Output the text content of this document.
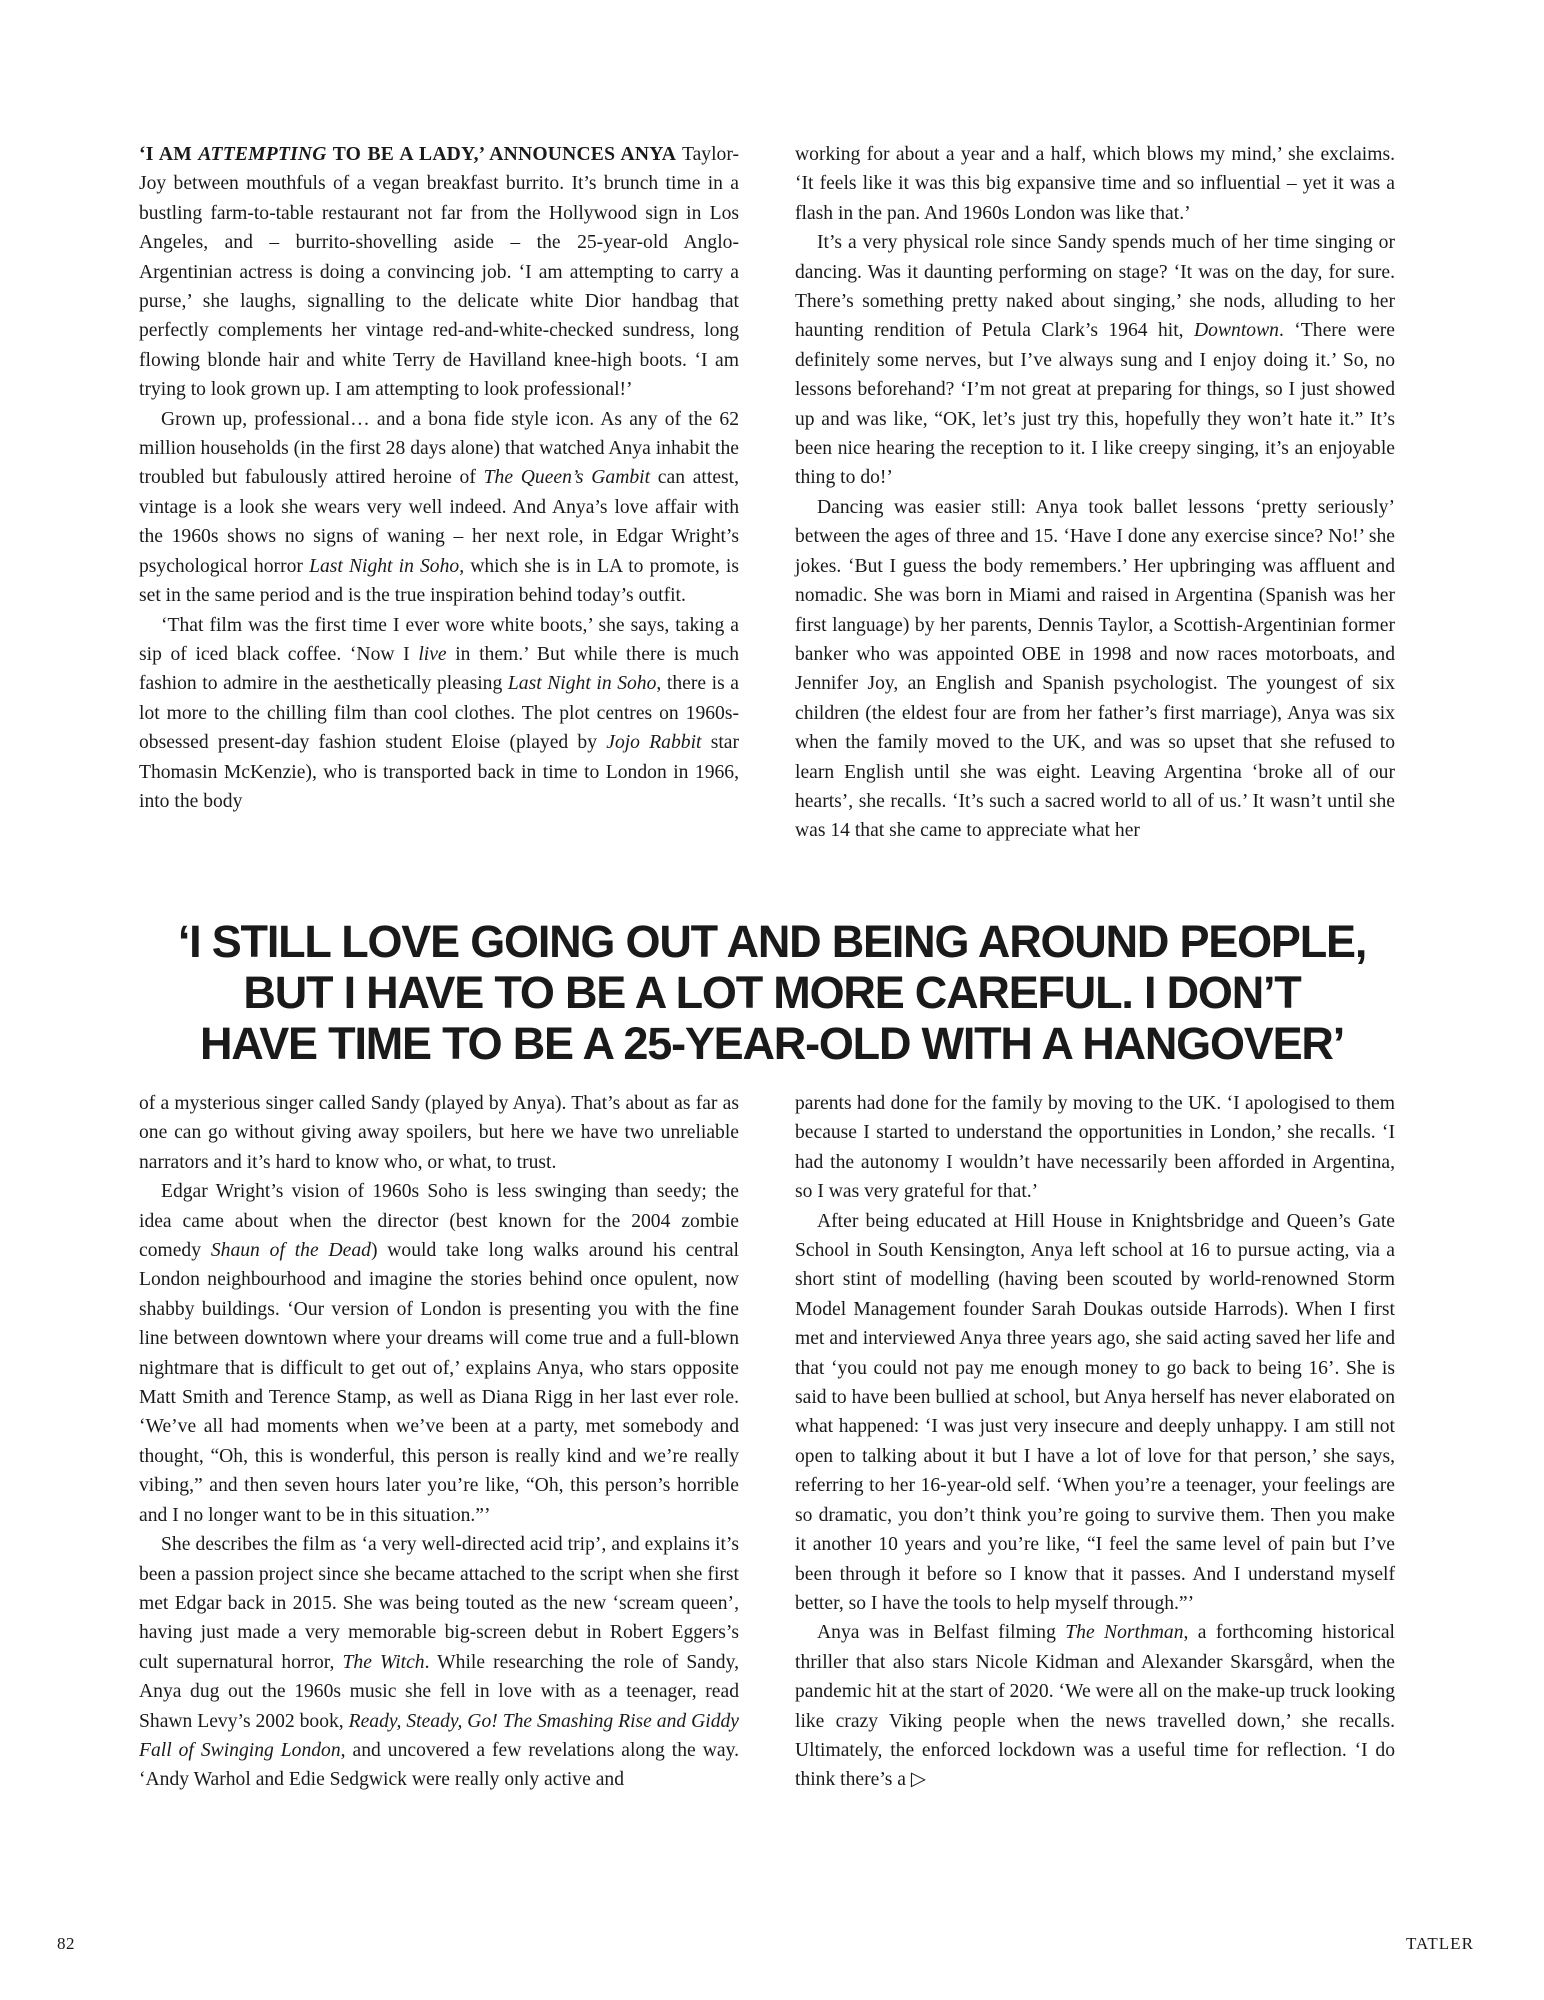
‘I AM ATTEMPTING TO BE A LADY,’ ANNOUNCES ANYA Taylor-Joy between mouthfuls of a vegan breakfast burrito. It’s brunch time in a bustling farm-to-table restaurant not far from the Hollywood sign in Los Angeles, and – burrito-shovelling aside – the 25-year-old Anglo-Argentinian actress is doing a convincing job. ‘I am attempting to carry a purse,’ she laughs, signalling to the delicate white Dior handbag that perfectly complements her vintage red-and-white-checked sundress, long flowing blonde hair and white Terry de Havilland knee-high boots. ‘I am trying to look grown up. I am attempting to look professional!’

Grown up, professional… and a bona fide style icon. As any of the 62 million households (in the first 28 days alone) that watched Anya inhabit the troubled but fabulously attired heroine of The Queen’s Gambit can attest, vintage is a look she wears very well indeed. And Anya’s love affair with the 1960s shows no signs of waning – her next role, in Edgar Wright’s psychological horror Last Night in Soho, which she is in LA to promote, is set in the same period and is the true inspiration behind today’s outfit.

‘That film was the first time I ever wore white boots,’ she says, taking a sip of iced black coffee. ‘Now I live in them.’ But while there is much fashion to admire in the aesthetically pleasing Last Night in Soho, there is a lot more to the chilling film than cool clothes. The plot centres on 1960s-obsessed present-day fashion student Eloise (played by Jojo Rabbit star Thomasin McKenzie), who is transported back in time to London in 1966, into the body

working for about a year and a half, which blows my mind,’ she exclaims. ‘It feels like it was this big expansive time and so influential – yet it was a flash in the pan. And 1960s London was like that.’

It’s a very physical role since Sandy spends much of her time singing or dancing. Was it daunting performing on stage? ‘It was on the day, for sure. There’s something pretty naked about singing,’ she nods, alluding to her haunting rendition of Petula Clark’s 1964 hit, Downtown. ‘There were definitely some nerves, but I’ve always sung and I enjoy doing it.’ So, no lessons beforehand? ‘I’m not great at preparing for things, so I just showed up and was like, “OK, let’s just try this, hopefully they won’t hate it.” It’s been nice hearing the reception to it. I like creepy singing, it’s an enjoyable thing to do!’

Dancing was easier still: Anya took ballet lessons ‘pretty seriously’ between the ages of three and 15. ‘Have I done any exercise since? No!’ she jokes. ‘But I guess the body remembers.’ Her upbringing was affluent and nomadic. She was born in Miami and raised in Argentina (Spanish was her first language) by her parents, Dennis Taylor, a Scottish-Argentinian former banker who was appointed OBE in 1998 and now races motorboats, and Jennifer Joy, an English and Spanish psychologist. The youngest of six children (the eldest four are from her father’s first marriage), Anya was six when the family moved to the UK, and was so upset that she refused to learn English until she was eight. Leaving Argentina ‘broke all of our hearts’, she recalls. ‘It’s such a sacred world to all of us.’ It wasn’t until she was 14 that she came to appreciate what her

‘I STILL LOVE GOING OUT AND BEING AROUND PEOPLE,
BUT I HAVE TO BE A LOT MORE CAREFUL. I DON’T
HAVE TIME TO BE A 25-YEAR-OLD WITH A HANGOVER’

of a mysterious singer called Sandy (played by Anya). That’s about as far as one can go without giving away spoilers, but here we have two unreliable narrators and it’s hard to know who, or what, to trust.

Edgar Wright’s vision of 1960s Soho is less swinging than seedy; the idea came about when the director (best known for the 2004 zombie comedy Shaun of the Dead) would take long walks around his central London neighbourhood and imagine the stories behind once opulent, now shabby buildings. ‘Our version of London is presenting you with the fine line between downtown where your dreams will come true and a full-blown nightmare that is difficult to get out of,’ explains Anya, who stars opposite Matt Smith and Terence Stamp, as well as Diana Rigg in her last ever role. ‘We’ve all had moments when we’ve been at a party, met somebody and thought, “Oh, this is wonderful, this person is really kind and we’re really vibing,” and then seven hours later you’re like, “Oh, this person’s horrible and I no longer want to be in this situation.”’

She describes the film as ‘a very well-directed acid trip’, and explains it’s been a passion project since she became attached to the script when she first met Edgar back in 2015. She was being touted as the new ‘scream queen’, having just made a very memorable big-screen debut in Robert Eggers’s cult supernatural horror, The Witch. While researching the role of Sandy, Anya dug out the 1960s music she fell in love with as a teenager, read Shawn Levy’s 2002 book, Ready, Steady, Go! The Smashing Rise and Giddy Fall of Swinging London, and uncovered a few revelations along the way. ‘Andy Warhol and Edie Sedgwick were really only active and

parents had done for the family by moving to the UK. ‘I apologised to them because I started to understand the opportunities in London,’ she recalls. ‘I had the autonomy I wouldn’t have necessarily been afforded in Argentina, so I was very grateful for that.’

After being educated at Hill House in Knightsbridge and Queen’s Gate School in South Kensington, Anya left school at 16 to pursue acting, via a short stint of modelling (having been scouted by world-renowned Storm Model Management founder Sarah Doukas outside Harrods). When I first met and interviewed Anya three years ago, she said acting saved her life and that ‘you could not pay me enough money to go back to being 16’. She is said to have been bullied at school, but Anya herself has never elaborated on what happened: ‘I was just very insecure and deeply unhappy. I am still not open to talking about it but I have a lot of love for that person,’ she says, referring to her 16-year-old self. ‘When you’re a teenager, your feelings are so dramatic, you don’t think you’re going to survive them. Then you make it another 10 years and you’re like, “I feel the same level of pain but I’ve been through it before so I know that it passes. And I understand myself better, so I have the tools to help myself through.”’

Anya was in Belfast filming The Northman, a forthcoming historical thriller that also stars Nicole Kidman and Alexander Skarsgård, when the pandemic hit at the start of 2020. ‘We were all on the make-up truck looking like crazy Viking people when the news travelled down,’ she recalls. Ultimately, the enforced lockdown was a useful time for reflection. ‘I do think there’s a ▷

82	TATLER
